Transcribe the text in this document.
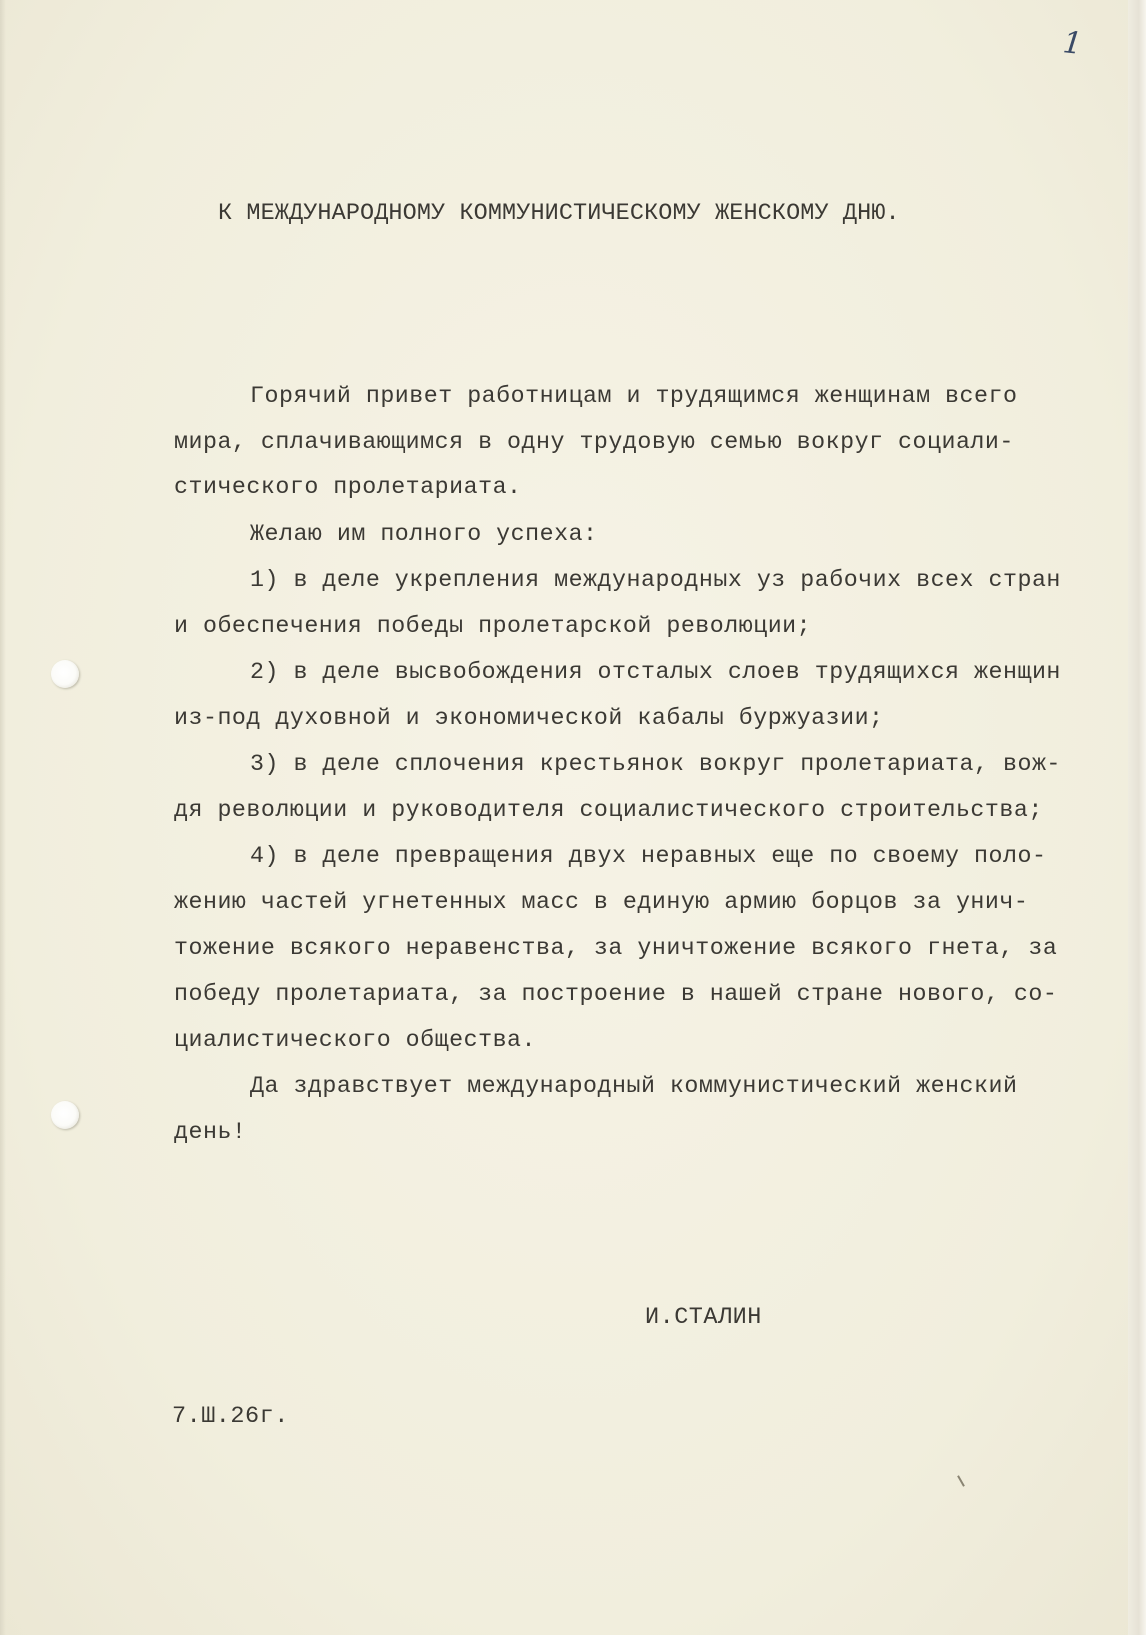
1
К МЕЖДУНАРОДНОМУ КОММУНИСТИЧЕСКОМУ ЖЕНСКОМУ ДНЮ.
Горячий привет работницам и трудящимся женщинам всего
мира, сплачивающимся в одну трудовую семью вокруг социали-
стического пролетариата.
Желаю им полного успеха:
1) в деле укрепления международных уз рабочих всех стран
и обеспечения победы пролетарской революции;
2) в деле высвобождения отсталых слоев трудящихся женщин
из-под духовной и экономической кабалы буржуазии;
3) в деле сплочения крестьянок вокруг пролетариата, вож-
дя революции и руководителя социалистического строительства;
4) в деле превращения двух неравных еще по своему поло-
жению частей угнетенных масс в единую армию борцов за унич-
тожение всякого неравенства, за уничтожение всякого гнета, за
победу пролетариата, за построение в нашей стране нового, со-
циалистического общества.
Да здравствует международный коммунистический женский
день!
И.СТАЛИН
7.Ш.26г.
